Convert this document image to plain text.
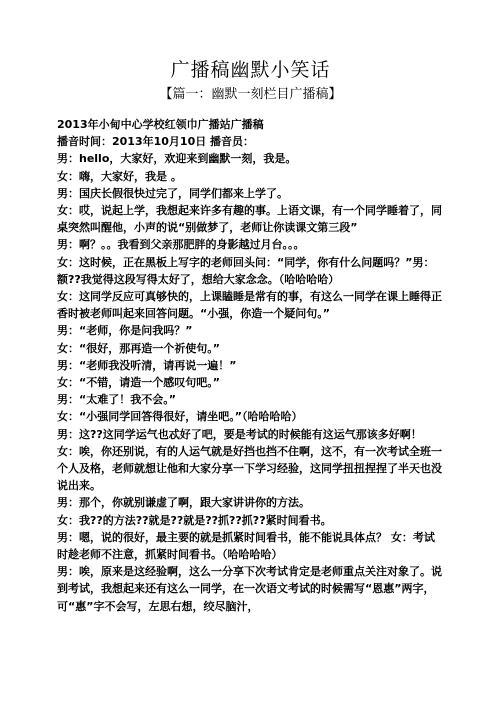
广播稿幽默小笑话
【篇一：幽默一刻栏目广播稿】

2013年小甸中心学校红领巾广播站广播稿

播音时间：2013年10月10日 播音员：

男：hello，大家好，欢迎来到幽默一刻，我是。

女：嗨，大家好，我是 。

男：国庆长假很快过完了，同学们都来上学了。

女：哎，说起上学，我想起来许多有趣的事。上语文课，有一个同学睡着了，同桌突然叫醒他，小声的说“别做梦了，老师让你读课文第三段”

男：啊？。。我看到父亲那肥胖的身影越过月台。。。

女：这时候，正在黑板上写字的老师回头问：“同学，你有什么问题吗？”男：额??我觉得这段写得太好了，想给大家念念。（哈哈哈哈）

女：这同学反应可真够快的，上课瞌睡是常有的事，有这么一同学在课上睡得正香时被老师叫起来回答问题。“小强，你造一个疑问句。”

男：“老师，你是问我吗？”

女：“很好，那再造一个祈使句。”

男：“老师我没听清，请再说一遍！”

女：“不错，请造一个感叹句吧。”

男：“太难了！我不会。”

女：“小强同学回答得很好，请坐吧。”（哈哈哈哈）

男：这??这同学运气也忒好了吧，要是考试的时候能有这运气那该多好啊！ 女：唉，你还别说，有的人运气就是好挡也挡不住啊，这不，有一次考试全班一个人及格，老师就想让他和大家分享一下学习经验，这同学扭扭捏捏了半天也没说出来。

男：那个，你就别谦虚了啊，跟大家讲讲你的方法。

女：我??的方法??就是??就是??抓??抓??紧时间看书。

男：嗯，说的很好，最主要的就是抓紧时间看书，能不能说具体点？ 女：考试时趁老师不注意，抓紧时间看书。（哈哈哈哈）

男：唉，原来是这经验啊，这么一分享下次考试肯定是老师重点关注对象了。说到考试，我想起来还有这么一同学，在一次语文考试的时候需写“恩惠”两字，可“惠”字不会写，左思右想，绞尽脑汁，
